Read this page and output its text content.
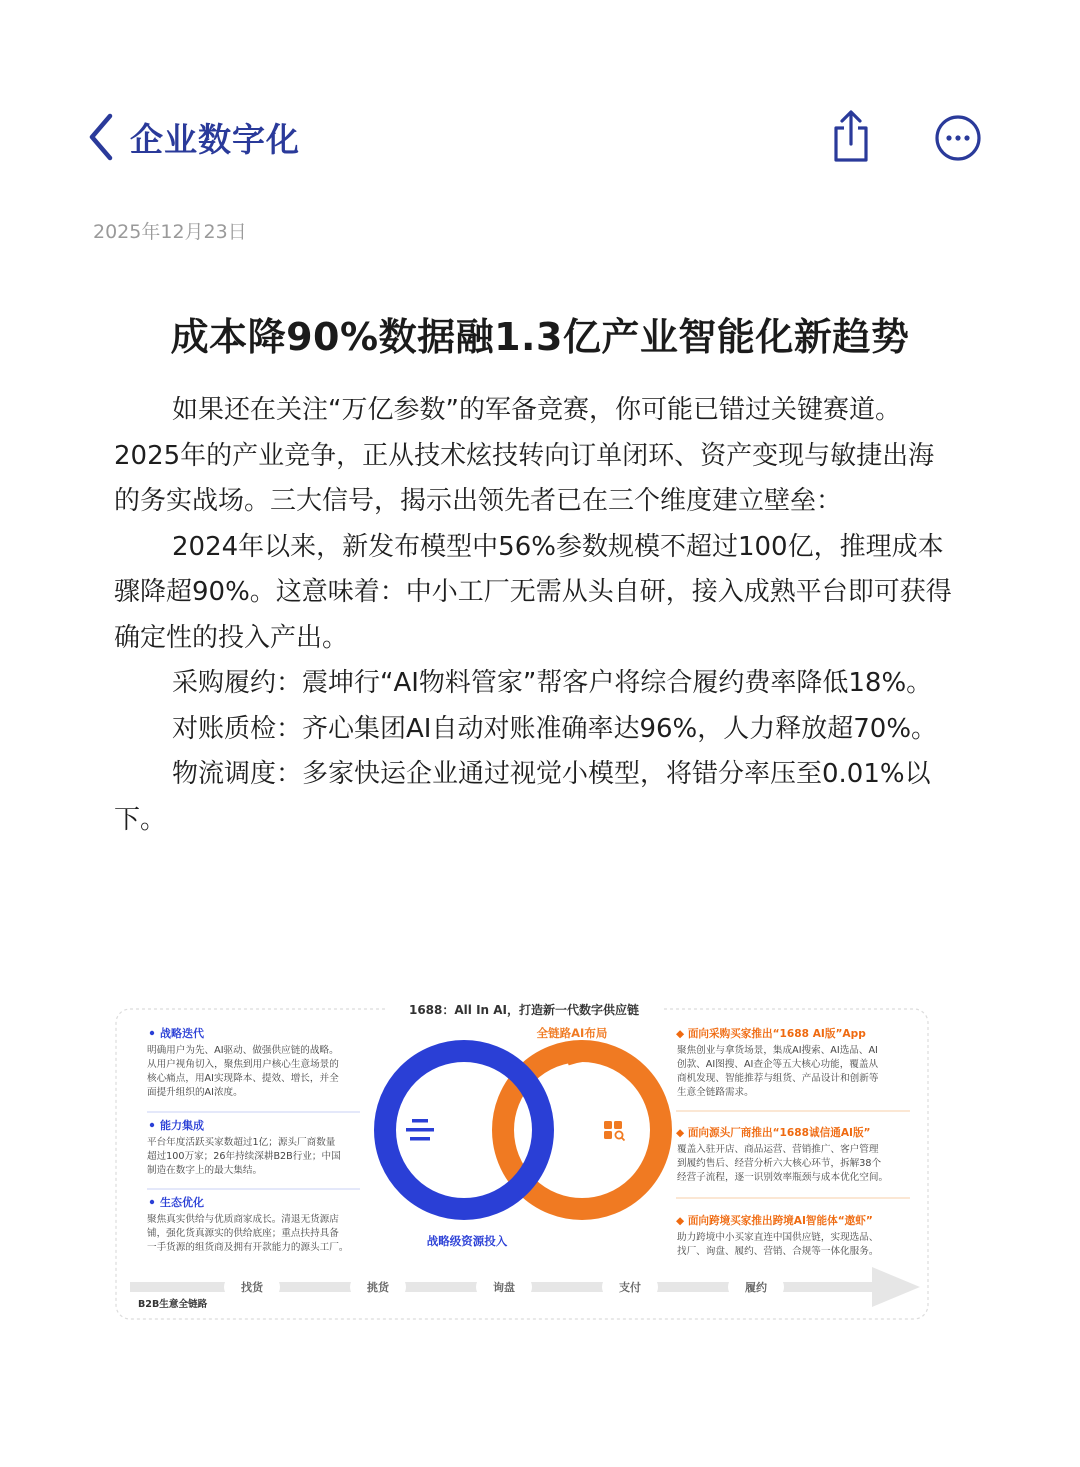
企业数字化
2025年12月23日
成本降90%数据融1.3亿产业智能化新趋势

如果还在关注“万亿参数”的军备竞赛，你可能已错过关键赛道。2025年的产业竞争，正从技术炫技转向订单闭环、资产变现与敏捷出海的务实战场。三大信号，揭示出领先者已在三个维度建立壁垒：

2024年以来，新发布模型中56%参数规模不超过100亿，推理成本骤降超90%。这意味着：中小工厂无需从头自研，接入成熟平台即可获得确定性的投入产出。

采购履约：震坤行“AI物料管家”帮客户将综合履约费率降低18%。

对账质检：齐心集团AI自动对账准确率达96%，人力释放超70%。

物流调度：多家快运企业通过视觉小模型，将错分率压至0.01%以下。

1688：All In AI，打造新一代数字供应链
战略迭代
明确用户为先、AI驱动、做强供应链的战略。
从用户视角切入，聚焦到用户核心生意场景的
核心痛点，用AI实现降本、提效、增长，并全
面提升组织的AI浓度。
能力集成
平台年度活跃买家数超过1亿；源头厂商数量
超过100万家；26年持续深耕B2B行业；中国
制造在数字上的最大集结。
生态优化
聚焦真实供给与优质商家成长。清退无货源店
铺，强化货真源实的供给底座；重点扶持具备
一手货源的组货商及拥有开款能力的源头工厂。
全链路AI布局
战略级资源投入
◆ 面向采购买家推出“1688 AI版”App
聚焦创业与拿货场景，集成AI搜索、AI选品、AI
创款、AI图搜、AI查企等五大核心功能，覆盖从
商机发现、智能推荐与组货、产品设计和创新等
生意全链路需求。
◆ 面向源头厂商推出“1688诚信通AI版”
覆盖入驻开店、商品运营、营销推广、客户管理
到履约售后、经营分析六大核心环节，拆解38个
经营子流程，逐一识别效率瓶颈与成本优化空间。
◆ 面向跨境买家推出跨境AI智能体“遨虾”
助力跨境中小买家直连中国供应链，实现选品、
找厂、询盘、履约、营销、合规等一体化服务。
找货	挑货	询盘	支付	履约
B2B生意全链路
